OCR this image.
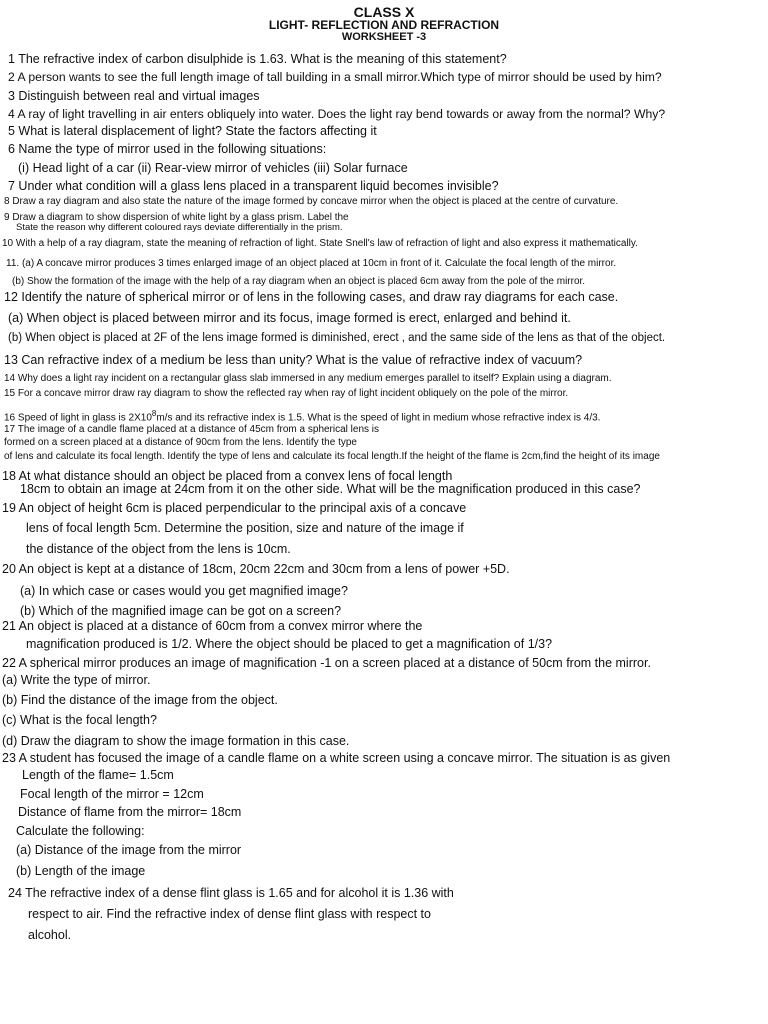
CLASS X
LIGHT- REFLECTION AND REFRACTION
WORKSHEET -3
1 The refractive index of carbon disulphide is 1.63. What is the meaning of this statement?
2 A person wants to see the full length image of tall building in a small mirror.Which type of mirror should be used by him?
3 Distinguish between real and virtual images
4 A ray of light travelling in air enters obliquely into water. Does the light ray bend towards or away from the normal? Why?
5 What is lateral displacement of light? State the factors affecting it
6 Name the type of mirror used in the following situations:
(i) Head light of a car (ii) Rear-view mirror of vehicles (iii) Solar furnace
7 Under what condition will a glass lens placed in a transparent liquid becomes invisible?
8 Draw a ray diagram and also state the nature of the image formed by concave mirror when the object is placed at the centre of curvature.
9 Draw a diagram to show dispersion of white light by a glass prism. Label the
State the reason why different coloured rays deviate differentially in the prism.
10 With a help of a ray diagram, state the meaning of refraction of light. State Snell's law of refraction of light and also express it mathematically.
11. (a) A concave mirror produces 3 times enlarged image of an object placed at 10cm in front of it. Calculate the focal length of the mirror.
(b) Show the formation of the image with the help of a ray diagram when an object is placed 6cm away from the pole of the mirror.
12 Identify the nature of spherical mirror or of lens in the following cases, and draw ray diagrams for each case.
(a) When object is placed between mirror and its focus, image formed is erect, enlarged and behind it.
(b) When object is placed at 2F of the lens image formed is diminished, erect , and the same side of the lens as that of the object.
13 Can refractive index of a medium be less than unity? What is the value of refractive index of vacuum?
14 Why does a light ray incident on a rectangular glass slab immersed in any medium emerges parallel to itself? Explain using a diagram.
15 For a concave mirror draw ray diagram to show the reflected ray when ray of light incident obliquely on the pole of the mirror.
16 Speed of light in glass is $2X10^8m/s$ and its refractive index is 1.5. What is the speed of light in medium whose refractive index is 4/3.
17 The image of a candle flame placed at a distance of 45cm from a spherical lens is
formed on a screen placed at a distance of 90cm from the lens. Identify the type
of lens and calculate its focal length. Identify the type of lens and calculate its focal length.If the height of the flame is 2cm,find the height of its image
18 At what distance should an object be placed from a convex lens of focal length
18cm to obtain an image at 24cm from it on the other side. What will be the magnification produced in this case?
19 An object of height 6cm is placed perpendicular to the principal axis of a concave
lens of focal length 5cm. Determine the position, size and nature of the image if
the distance of the object from the lens is 10cm.
20 An object is kept at a distance of 18cm, 20cm 22cm and 30cm from a lens of power +5D.
(a) In which case or cases would you get magnified image?
(b) Which of the magnified image can be got on a screen?
21 An object is placed at a distance of 60cm from a convex mirror where the
magnification produced is 1/2. Where the object should be placed to get a magnification of 1/3?
22 A spherical mirror produces an image of magnification -1 on a screen placed at a distance of 50cm from the mirror.
(a) Write the type of mirror.
(b) Find the distance of the image from the object.
(c) What is the focal length?
(d) Draw the diagram to show the image formation in this case.
23 A student has focused the image of a candle flame on a white screen using a concave mirror. The situation is as given
Length of the flame= 1.5cm
Focal length of the mirror = 12cm
Distance of flame from the mirror= 18cm
Calculate the following:
(a) Distance of the image from the mirror
(b) Length of the image
24 The refractive index of a dense flint glass is 1.65 and for alcohol it is 1.36 with
respect to air. Find the refractive index of dense flint glass with respect to
alcohol.
